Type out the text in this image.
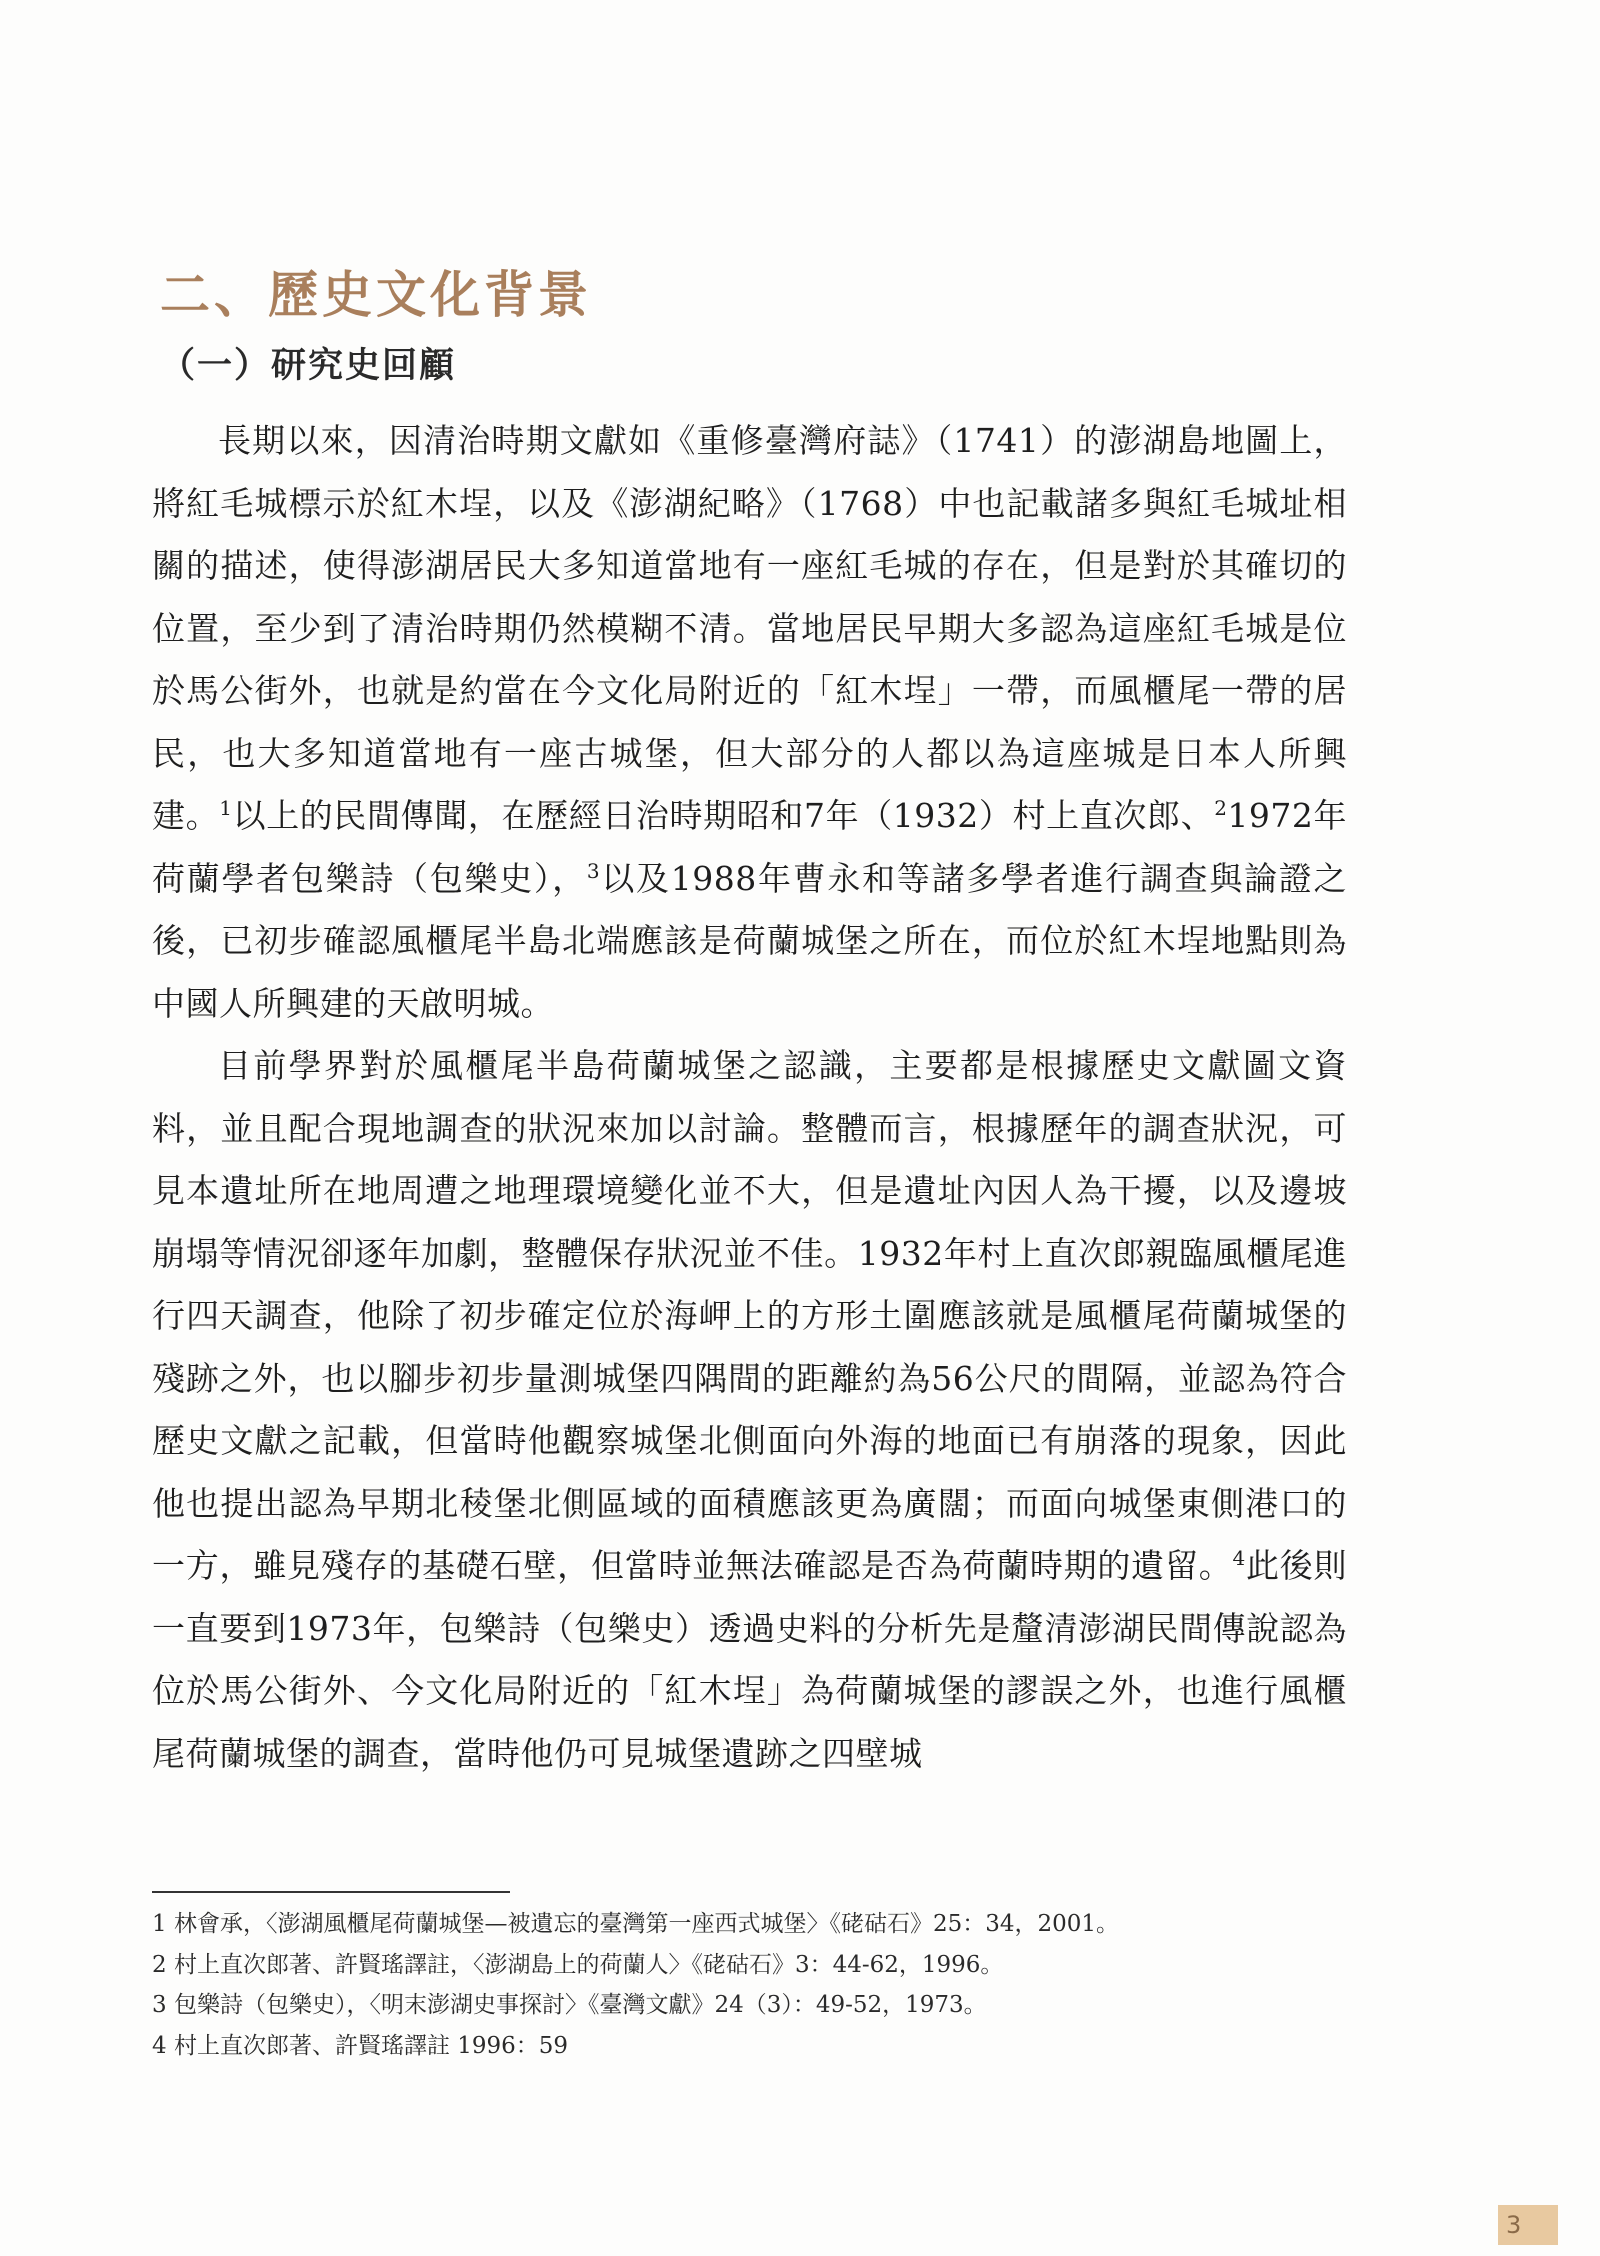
二、歷史文化背景
（一）研究史回顧

長期以來，因清治時期文獻如《重修臺灣府誌》（1741）的澎湖島地圖上，將紅毛城標示於紅木埕，以及《澎湖紀略》（1768）中也記載諸多與紅毛城址相關的描述，使得澎湖居民大多知道當地有一座紅毛城的存在，但是對於其確切的位置，至少到了清治時期仍然模糊不清。當地居民早期大多認為這座紅毛城是位於馬公街外，也就是約當在今文化局附近的「紅木埕」一帶，而風櫃尾一帶的居民，也大多知道當地有一座古城堡，但大部分的人都以為這座城是日本人所興建。$^1$以上的民間傳聞，在歷經日治時期昭和7年（1932）村上直次郎、$^2$1972年荷蘭學者包樂詩（包樂史），$^3$以及1988年曹永和等諸多學者進行調查與論證之後，已初步確認風櫃尾半島北端應該是荷蘭城堡之所在，而位於紅木埕地點則為中國人所興建的天啟明城。

目前學界對於風櫃尾半島荷蘭城堡之認識，主要都是根據歷史文獻圖文資料，並且配合現地調查的狀況來加以討論。整體而言，根據歷年的調查狀況，可見本遺址所在地周遭之地理環境變化並不大，但是遺址內因人為干擾，以及邊坡崩塌等情況卻逐年加劇，整體保存狀況並不佳。1932年村上直次郎親臨風櫃尾進行四天調查，他除了初步確定位於海岬上的方形土圍應該就是風櫃尾荷蘭城堡的殘跡之外，也以腳步初步量測城堡四隅間的距離約為56公尺的間隔，並認為符合歷史文獻之記載，但當時他觀察城堡北側面向外海的地面已有崩落的現象，因此他也提出認為早期北稜堡北側區域的面積應該更為廣闊；而面向城堡東側港口的一方，雖見殘存的基礎石壁，但當時並無法確認是否為荷蘭時期的遺留。$^4$此後則一直要到1973年，包樂詩（包樂史）透過史料的分析先是釐清澎湖民間傳說認為位於馬公街外、今文化局附近的「紅木埕」為荷蘭城堡的謬誤之外，也進行風櫃尾荷蘭城堡的調查，當時他仍可見城堡遺跡之四壁城

1 林會承，〈澎湖風櫃尾荷蘭城堡—被遺忘的臺灣第一座西式城堡〉《硓𥑮石》25：34，2001。

2 村上直次郎著、許賢瑤譯註，〈澎湖島上的荷蘭人〉《硓𥑮石》3：44-62，1996。

3 包樂詩（包樂史），〈明末澎湖史事探討〉《臺灣文獻》24（3）：49-52，1973。

4 村上直次郎著、許賢瑤譯註 1996：59

3
